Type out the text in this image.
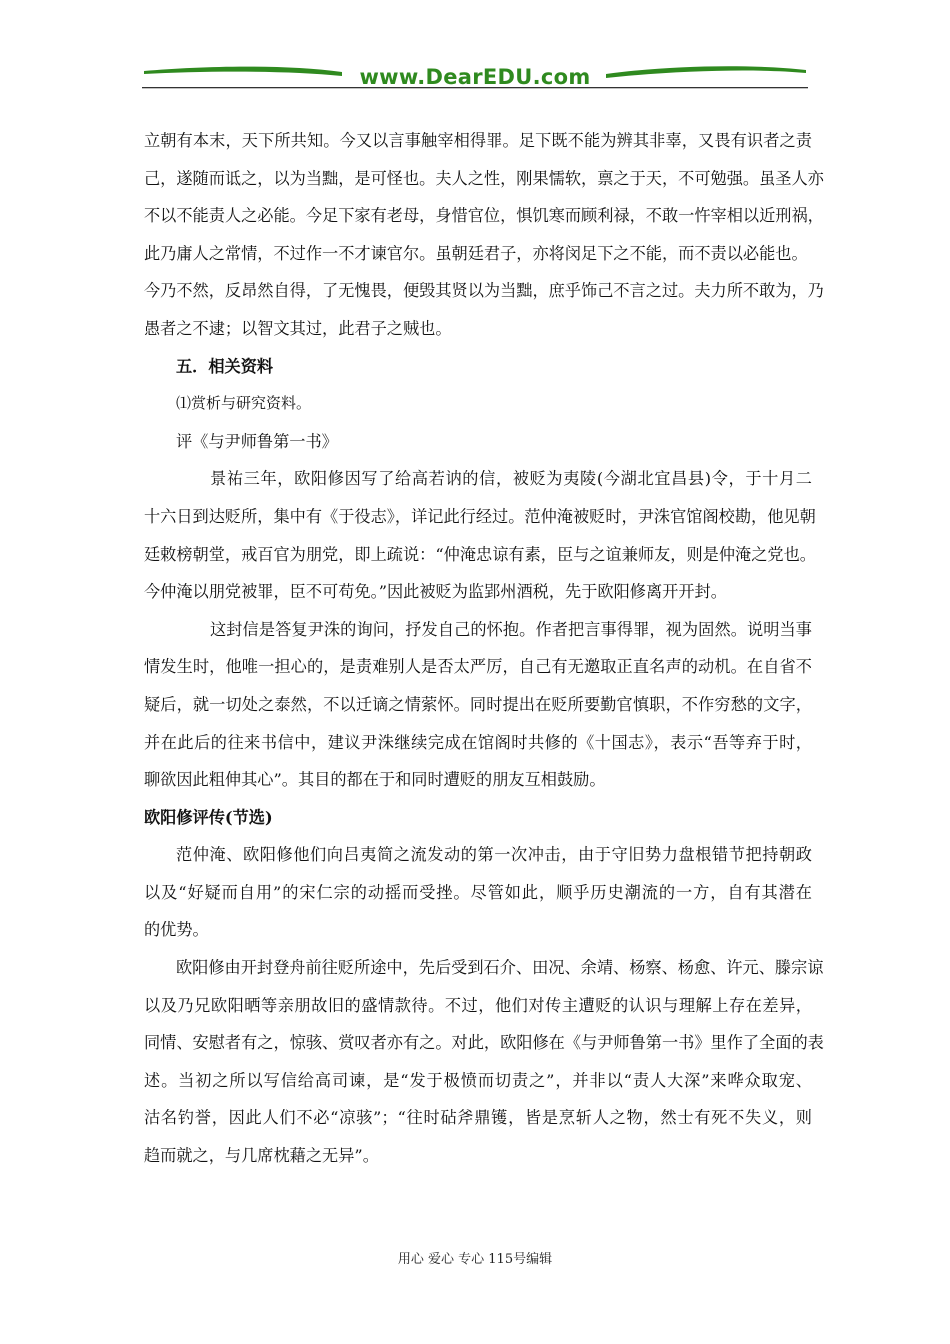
www.DearEDU.com
立朝有本末，天下所共知。今又以言事触宰相得罪。足下既不能为辨其非辜，又畏有识者之责
己，遂随而诋之，以为当黜，是可怪也。夫人之性，刚果懦软，禀之于天，不可勉强。虽圣人亦
不以不能责人之必能。今足下家有老母，身惜官位，惧饥寒而顾利禄，不敢一忤宰相以近刑祸，
此乃庸人之常情，不过作一不才谏官尔。虽朝廷君子，亦将闵足下之不能，而不责以必能也。
今乃不然，反昂然自得，了无愧畏，便毁其贤以为当黜，庶乎饰己不言之过。夫力所不敢为，乃
愚者之不逮；以智文其过，此君子之贼也。
五．相关资料
⑴赏析与研究资料。
评《与尹师鲁第一书》
景祐三年，欧阳修因写了给高若讷的信，被贬为夷陵(今湖北宜昌县)令，于十月二
十六日到达贬所，集中有《于役志》，详记此行经过。范仲淹被贬时，尹洙官馆阁校勘，他见朝
廷敕榜朝堂，戒百官为朋党，即上疏说：“仲淹忠谅有素，臣与之谊兼师友，则是仲淹之党也。
今仲淹以朋党被罪，臣不可苟免。”因此被贬为监郢州酒税，先于欧阳修离开开封。
这封信是答复尹洙的询问，抒发自己的怀抱。作者把言事得罪，视为固然。说明当事
情发生时，他唯一担心的，是责难别人是否太严厉，自己有无邀取正直名声的动机。在自省不
疑后，就一切处之泰然，不以迁谪之情萦怀。同时提出在贬所要勤官慎职，不作穷愁的文字，
并在此后的往来书信中，建议尹洙继续完成在馆阁时共修的《十国志》，表示“吾等弃于时，
聊欲因此粗伸其心”。其目的都在于和同时遭贬的朋友互相鼓励。
欧阳修评传(节选)
范仲淹、欧阳修他们向吕夷简之流发动的第一次冲击，由于守旧势力盘根错节把持朝政
以及“好疑而自用”的宋仁宗的动摇而受挫。尽管如此，顺乎历史潮流的一方，自有其潜在
的优势。
欧阳修由开封登舟前往贬所途中，先后受到石介、田况、余靖、杨察、杨愈、许元、滕宗谅
以及乃兄欧阳晒等亲朋故旧的盛情款待。不过，他们对传主遭贬的认识与理解上存在差异，
同情、安慰者有之，惊骇、赏叹者亦有之。对此，欧阳修在《与尹师鲁第一书》里作了全面的表
述。当初之所以写信给高司谏，是“发于极愤而切责之”，并非以“责人大深”来哗众取宠、
沽名钓誉，因此人们不必“凉骇”；“往时砧斧鼎镬，皆是烹斩人之物，然士有死不失义，则
趋而就之，与几席枕藉之无异”。
用心 爱心 专心 115号编辑
